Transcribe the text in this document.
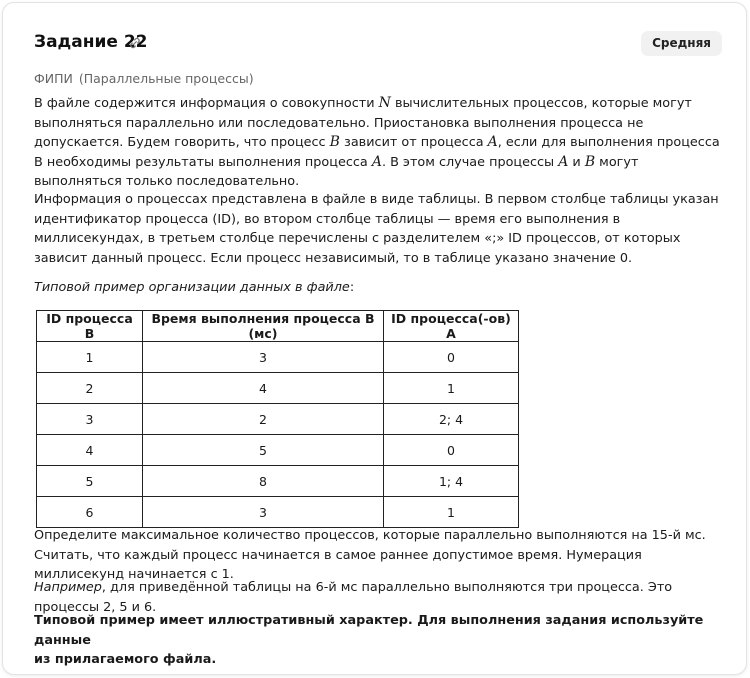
Задание 22	Средняя
ФИПИ (Параллельные процессы)
В файле содержится информация о совокупности N вычислительных процессов, которые могут выполняться параллельно или последовательно. Приостановка выполнения процесса не допускается. Будем говорить, что процесс B зависит от процесса A, если для выполнения процесса B необходимы результаты выполнения процесса A. В этом случае процессы A и B могут выполняться только последовательно.
Информация о процессах представлена в файле в виде таблицы. В первом столбце таблицы указан идентификатор процесса (ID), во втором столбце таблицы — время его выполнения в миллисекундах, в третьем столбце перечислены с разделителем «;» ID процессов, от которых зависит данный процесс. Если процесс независимый, то в таблице указано значение 0.
Типовой пример организации данных в файле:
ID процесса B	Время выполнения процесса B (мс)	ID процесса(-ов) A
1	3	0
2	4	1
3	2	2; 4
4	5	0
5	8	1; 4
6	3	1
Определите максимальное количество процессов, которые параллельно выполняются на 15-й мс. Считать, что каждый процесс начинается в самое раннее допустимое время. Нумерация миллисекунд начинается с 1.
Например, для приведённой таблицы на 6-й мс параллельно выполняются три процесса. Это процессы 2, 5 и 6.
Типовой пример имеет иллюстративный характер. Для выполнения задания используйте данные
из прилагаемого файла.
